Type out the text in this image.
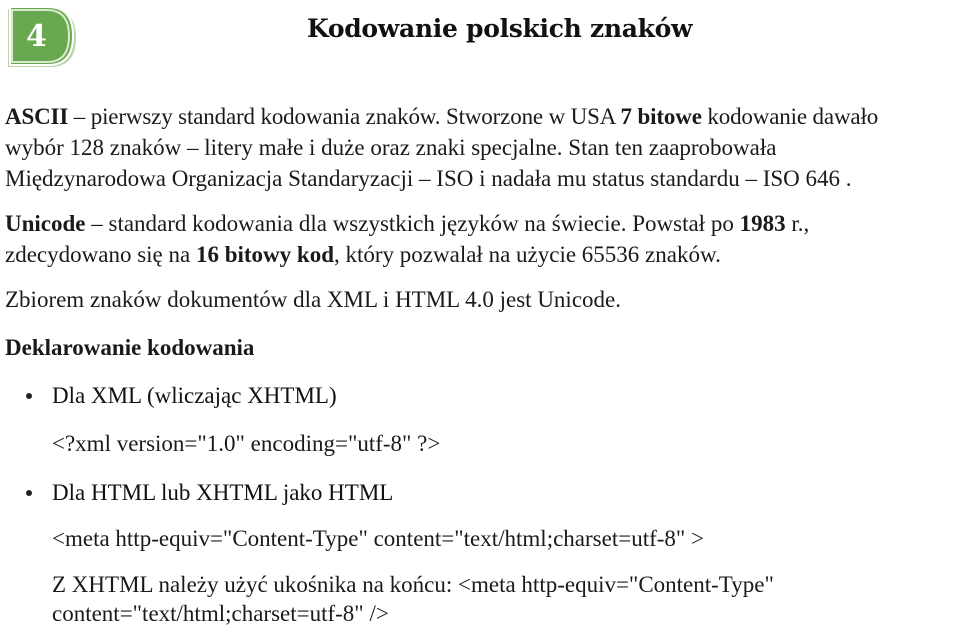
4	Kodowanie polskich znaków

ASCII – pierwszy standard kodowania znaków. Stworzone w USA 7 bitowe kodowanie dawało
wybór 128 znaków – litery małe i duże oraz znaki specjalne. Stan ten zaaprobowała
Międzynarodowa Organizacja Standaryzacji – ISO i nadała mu status standardu – ISO 646 .

Unicode – standard kodowania dla wszystkich języków na świecie. Powstał po 1983 r.,
zdecydowano się na 16 bitowy kod, który pozwalał na użycie 65536 znaków.

Zbiorem znaków dokumentów dla XML i HTML 4.0 jest Unicode.

Deklarowanie kodowania

Dla XML (wliczając XHTML)
<?xml version="1.0" encoding="utf-8" ?>
Dla HTML lub XHTML jako HTML
<meta http-equiv="Content-Type" content="text/html;charset=utf-8" >
Z XHTML należy użyć ukośnika na końcu: <meta http-equiv="Content-Type"
content="text/html;charset=utf-8" />
